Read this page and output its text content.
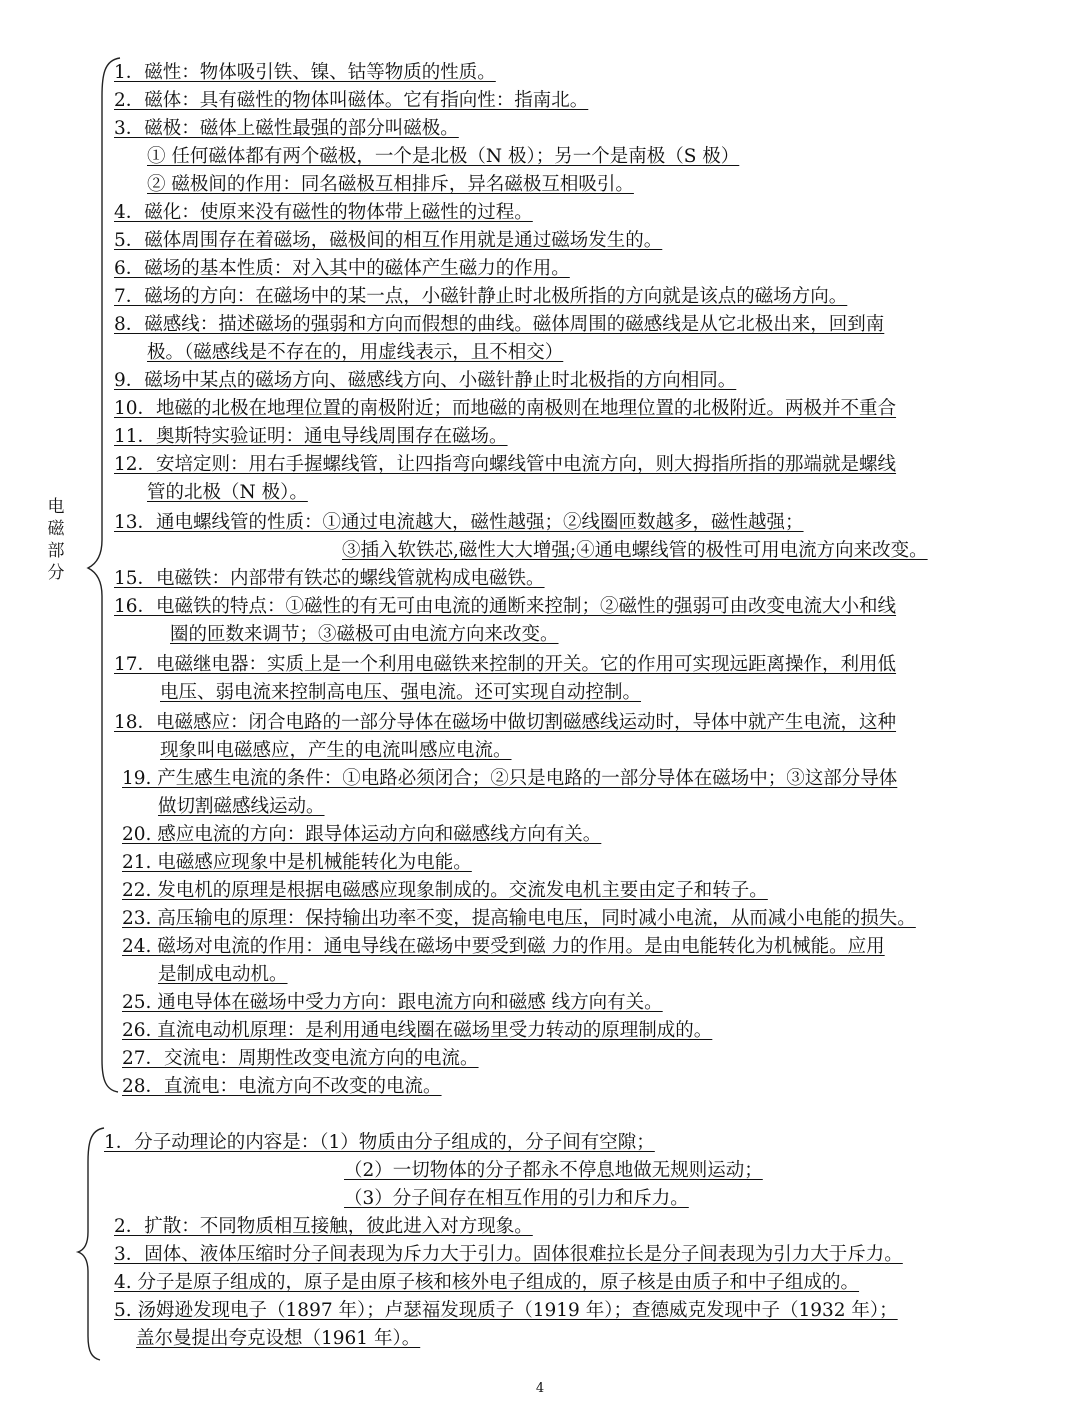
电磁部分
1．磁性：物体吸引铁、镍、钴等物质的性质。
2．磁体：具有磁性的物体叫磁体。它有指向性：指南北。
3．磁极：磁体上磁性最强的部分叫磁极。
① 任何磁体都有两个磁极，一个是北极（N 极）；另一个是南极（S 极）
② 磁极间的作用：同名磁极互相排斥，异名磁极互相吸引。
4．磁化：使原来没有磁性的物体带上磁性的过程。
5．磁体周围存在着磁场，磁极间的相互作用就是通过磁场发生的。
6．磁场的基本性质：对入其中的磁体产生磁力的作用。
7．磁场的方向：在磁场中的某一点，小磁针静止时北极所指的方向就是该点的磁场方向。
8．磁感线：描述磁场的强弱和方向而假想的曲线。磁体周围的磁感线是从它北极出来，回到南
极。（磁感线是不存在的，用虚线表示，且不相交）
9．磁场中某点的磁场方向、磁感线方向、小磁针静止时北极指的方向相同。
10．地磁的北极在地理位置的南极附近；而地磁的南极则在地理位置的北极附近。两极并不重合
11．奥斯特实验证明：通电导线周围存在磁场。
12．安培定则：用右手握螺线管，让四指弯向螺线管中电流方向，则大拇指所指的那端就是螺线
管的北极（N 极）。
13．通电螺线管的性质：①通过电流越大，磁性越强；②线圈匝数越多，磁性越强；
③插入软铁芯,磁性大大增强;④通电螺线管的极性可用电流方向来改变。
15．电磁铁：内部带有铁芯的螺线管就构成电磁铁。
16．电磁铁的特点：①磁性的有无可由电流的通断来控制；②磁性的强弱可由改变电流大小和线
圈的匝数来调节；③磁极可由电流方向来改变。
17．电磁继电器：实质上是一个利用电磁铁来控制的开关。它的作用可实现远距离操作，利用低
电压、弱电流来控制高电压、强电流。还可实现自动控制。
18．电磁感应：闭合电路的一部分导体在磁场中做切割磁感线运动时，导体中就产生电流，这种
现象叫电磁感应，产生的电流叫感应电流。
19. 产生感生电流的条件：①电路必须闭合；②只是电路的一部分导体在磁场中；③这部分导体
做切割磁感线运动。
20. 感应电流的方向：跟导体运动方向和磁感线方向有关。
21. 电磁感应现象中是机械能转化为电能。
22. 发电机的原理是根据电磁感应现象制成的。交流发电机主要由定子和转子。
23. 高压输电的原理：保持输出功率不变，提高输电电压，同时减小电流，从而减小电能的损失。
24. 磁场对电流的作用：通电导线在磁场中要受到磁 力的作用。是由电能转化为机械能。应用
是制成电动机。
25. 通电导体在磁场中受力方向：跟电流方向和磁感 线方向有关。
26. 直流电动机原理：是利用通电线圈在磁场里受力转动的原理制成的。
27．交流电：周期性改变电流方向的电流。
28．直流电：电流方向不改变的电流。
1．分子动理论的内容是：（1）物质由分子组成的，分子间有空隙；
（2）一切物体的分子都永不停息地做无规则运动；
（3）分子间存在相互作用的引力和斥力。
2．扩散：不同物质相互接触，彼此进入对方现象。
3．固体、液体压缩时分子间表现为斥力大于引力。固体很难拉长是分子间表现为引力大于斥力。
4. 分子是原子组成的，原子是由原子核和核外电子组成的，原子核是由质子和中子组成的。
5. 汤姆逊发现电子（1897 年）；卢瑟福发现质子（1919 年）；查德威克发现中子（1932 年）；
盖尔曼提出夸克设想（1961 年）。
4
